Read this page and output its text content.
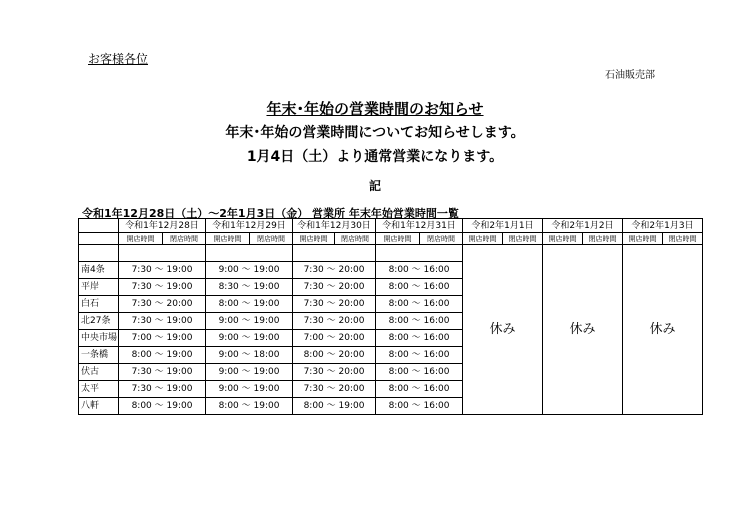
お客様各位
石油販売部
年末･年始の営業時間のお知らせ
年末･年始の営業時間についてお知らせします。
1月4日（土）より通常営業になります。
記
令和1年12月28日（土）～2年1月3日（金） 営業所 年末年始営業時間一覧
	令和1年12月28日		令和1年12月29日		令和1年12月30日		令和1年12月31日		令和2年1月1日		令和2年1月2日		令和2年1月3日	
	開店時間	閉店時間	開店時間	閉店時間	開店時間	閉店時間	開店時間	閉店時間	開店時間	閉店時間	開店時間	閉店時間	開店時間	閉店時間
									休み		休み		休み	
南4条	7:30 ～ 19:00		9:00 ～ 19:00		7:30 ～ 20:00		8:00 ～ 16:00							
平岸	7:30 ～ 19:00		8:30 ～ 19:00		7:30 ～ 20:00		8:00 ～ 16:00							
白石	7:30 ～ 20:00		8:00 ～ 19:00		7:30 ～ 20:00		8:00 ～ 16:00							
北27条	7:30 ～ 19:00		9:00 ～ 19:00		7:30 ～ 20:00		8:00 ～ 16:00							
中央市場	7:00 ～ 19:00		9:00 ～ 19:00		7:00 ～ 20:00		8:00 ～ 16:00							
一条橋	8:00 ～ 19:00		9:00 ～ 18:00		8:00 ～ 20:00		8:00 ～ 16:00							
伏古	7:30 ～ 19:00		9:00 ～ 19:00		7:30 ～ 20:00		8:00 ～ 16:00							
太平	7:30 ～ 19:00		9:00 ～ 19:00		7:30 ～ 20:00		8:00 ～ 16:00							
八軒	8:00 ～ 19:00		8:00 ～ 19:00		8:00 ～ 19:00		8:00 ～ 16:00							
